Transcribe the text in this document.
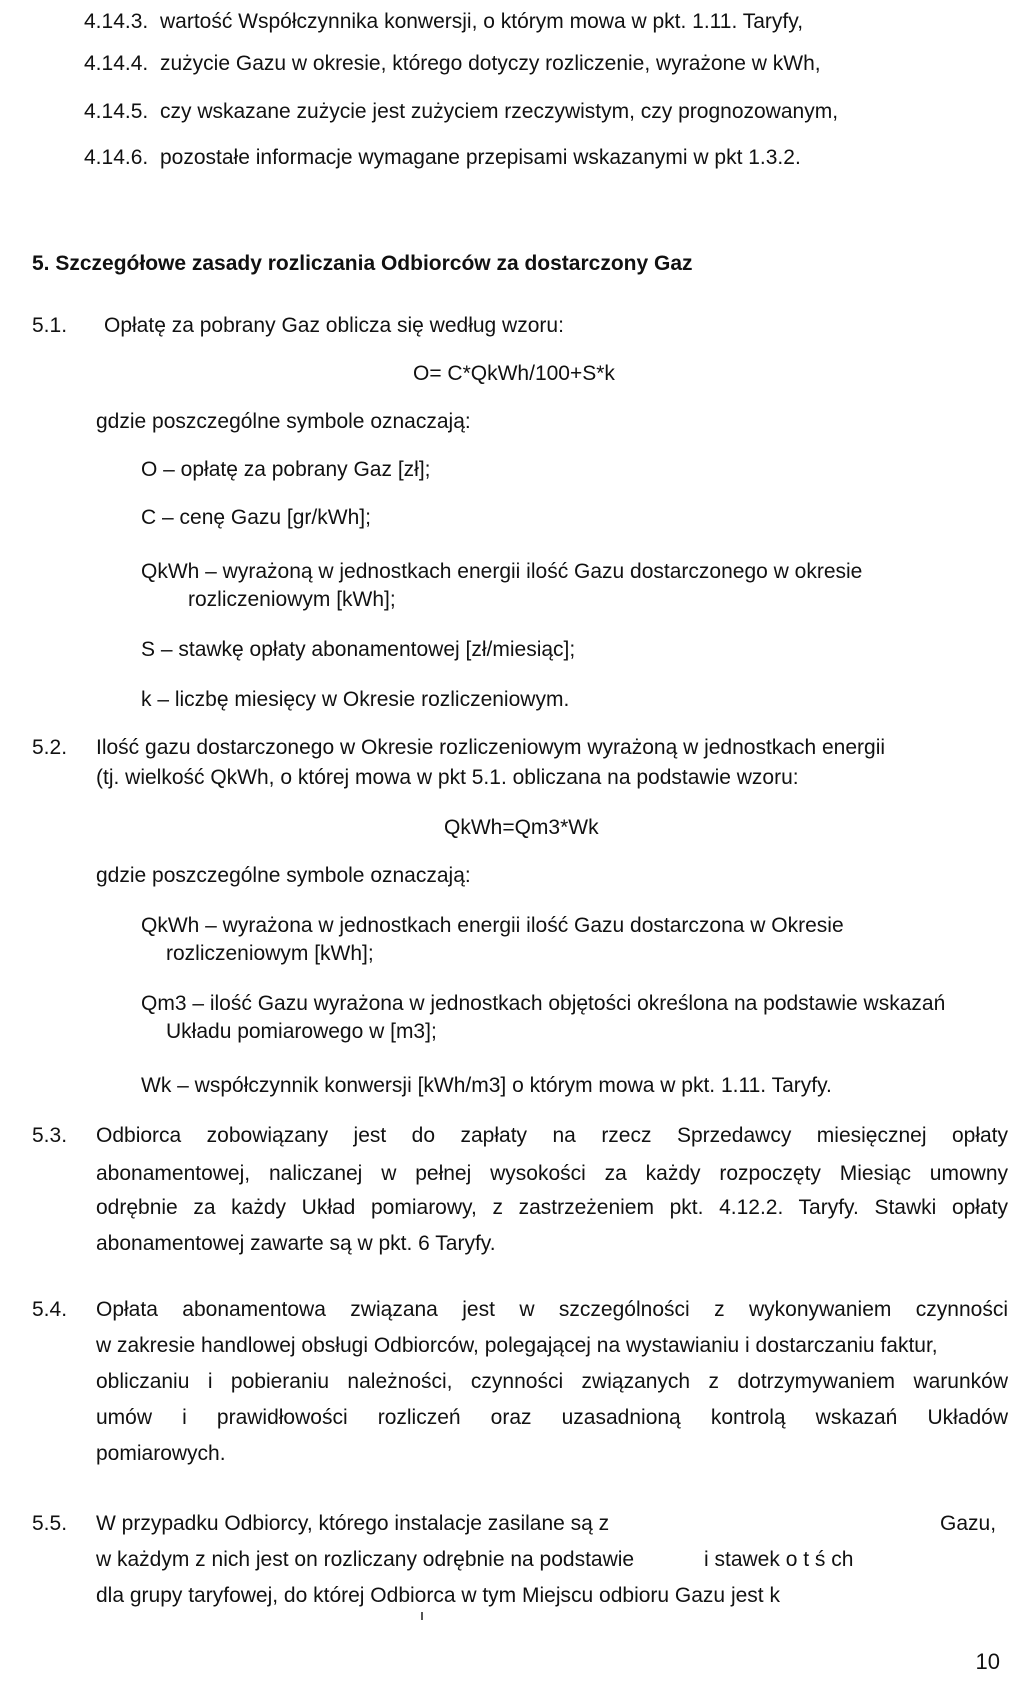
4.14.3. wartość Współczynnika konwersji, o którym mowa w pkt. 1.11. Taryfy,
4.14.4. zużycie Gazu w okresie, którego dotyczy rozliczenie, wyrażone w kWh,
4.14.5. czy wskazane zużycie jest zużyciem rzeczywistym, czy prognozowanym,
4.14.6. pozostałe informacje wymagane przepisami wskazanymi w pkt 1.3.2.
5. Szczegółowe zasady rozliczania Odbiorców za dostarczony Gaz
5.1. Opłatę za pobrany Gaz oblicza się według wzoru:
O= C*QkWh/100+S*k
gdzie poszczególne symbole oznaczają:
O – opłatę za pobrany Gaz [zł];
C – cenę Gazu [gr/kWh];
QkWh – wyrażoną w jednostkach energii ilość Gazu dostarczonego w okresie
rozliczeniowym [kWh];
S – stawkę opłaty abonamentowej [zł/miesiąc];
k – liczbę miesięcy w Okresie rozliczeniowym.
5.2. Ilość gazu dostarczonego w Okresie rozliczeniowym wyrażoną w jednostkach energii
(tj. wielkość QkWh, o której mowa w pkt 5.1. obliczana na podstawie wzoru:
QkWh=Qm3*Wk
gdzie poszczególne symbole oznaczają:
QkWh – wyrażona w jednostkach energii ilość Gazu dostarczona w Okresie
rozliczeniowym [kWh];
Qm3 – ilość Gazu wyrażona w jednostkach objętości określona na podstawie wskazań
Układu pomiarowego w [m3];
Wk – współczynnik konwersji [kWh/m3] o którym mowa w pkt. 1.11. Taryfy.
5.3. Odbiorca zobowiązany jest do zapłaty na rzecz Sprzedawcy miesięcznej opłaty
abonamentowej, naliczanej w pełnej wysokości za każdy rozpoczęty Miesiąc umowny
odrębnie za każdy Układ pomiarowy, z zastrzeżeniem pkt. 4.12.2. Taryfy. Stawki opłaty
abonamentowej zawarte są w pkt. 6 Taryfy.
5.4. Opłata abonamentowa związana jest w szczególności z wykonywaniem czynności
w zakresie handlowej obsługi Odbiorców, polegającej na wystawianiu i dostarczaniu faktur,
obliczaniu i pobieraniu należności, czynności związanych z dotrzymywaniem warunków
umów i prawidłowości rozliczeń oraz uzasadnioną kontrolą wskazań Układów
pomiarowych.
5.5. W przypadku Odbiorcy, którego instalacje zasilane są z	Gazu,
w każdym z nich jest on rozliczany odrębnie na podstawie	i stawek o t ś ch
dla grupy taryfowej, do której Odbiorca w tym Miejscu odbioru Gazu jest k
10
